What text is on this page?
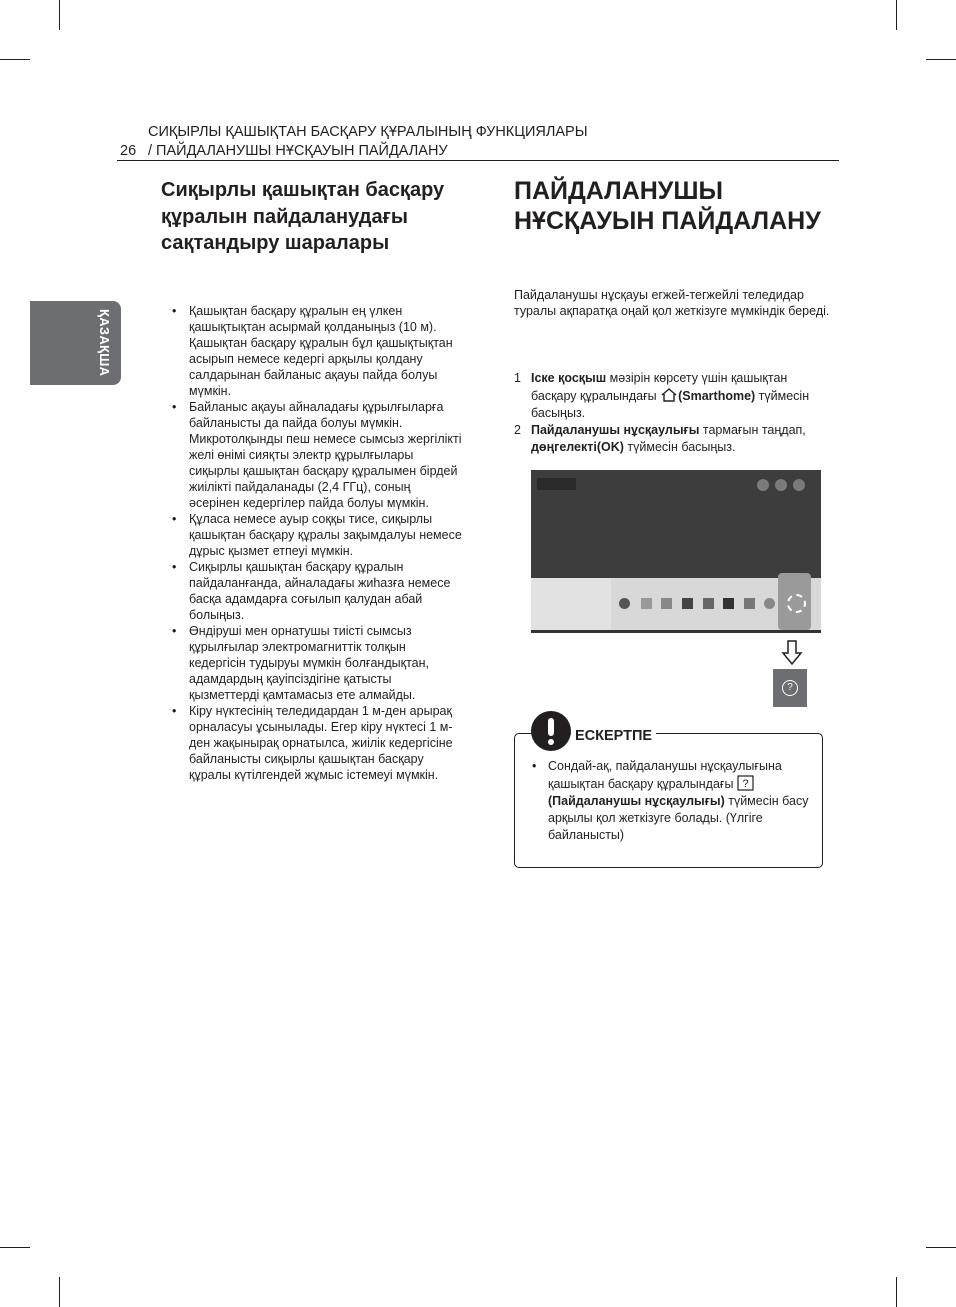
СИҚЫРЛЫ ҚАШЫҚТАН БАСҚАРУ ҚҰРАЛЫНЫҢ ФУНКЦИЯЛАРЫ
/ ПАЙДАЛАНУШЫ НҰСҚАУЫН ПАЙДАЛАНУ
26
ҚАЗАҚША
Сиқырлы қашықтан басқару құралын пайдаланудағы сақтандыру шаралары
• Қашықтан басқару құралын ең үлкен қашықтықтан асырмай қолданыңыз (10 м). Қашықтан басқару құралын бұл қашықтықтан асырып немесе кедергі арқылы қолдану салдарынан байланыс ақауы пайда болуы мүмкін.
• Байланыс ақауы айналадағы құрылғыларға байланысты да пайда болуы мүмкін. Микротолқынды пеш немесе сымсыз жергілікті желі өнімі сияқты электр құрылғылары сиқырлы қашықтан басқару құралымен бірдей жиілікті пайдаланады (2,4 ГГц), соның әсерінен кедергілер пайда болуы мүмкін.
• Құласа немесе ауыр соққы тисе, сиқырлы қашықтан басқару құралы зақымдалуы немесе дұрыс қызмет етпеуі мүмкін.
• Сиқырлы қашықтан басқару құралын пайдаланғанда, айналадағы жиһазға немесе басқа адамдарға соғылып қалудан абай болыңыз.
• Өндіруші мен орнатушы тиісті сымсыз құрылғылар электромагниттік толқын кедергісін тудыруы мүмкін болғандықтан, адамдардың қауіпсіздігіне қатысты қызметтерді қамтамасыз ете алмайды.
• Кіру нүктесінің теледидардан 1 м-ден арырақ орналасуы ұсынылады. Егер кіру нүктесі 1 м-ден жақынырақ орнатылса, жиілік кедергісіне байланысты сиқырлы қашықтан басқару құралы күтілгендей жұмыс істемеуі мүмкін.
ПАЙДАЛАНУШЫ НҰСҚАУЫН ПАЙДАЛАНУ

Пайдаланушы нұсқауы егжей-тегжейлі теледидар туралы ақпаратқа оңай қол жеткізуге мүмкіндік береді.

1 Іске қосқыш мәзірін көрсету үшін қашықтан басқару құралындағы (Smarthome) түймесін басыңыз.
2 Пайдаланушы нұсқаулығы тармағын таңдап, дөңгелекті(OK) түймесін басыңыз.
?
ЕСКЕРТПЕ
• Сондай-ақ, пайдаланушы нұсқаулығына қашықтан басқару құралындағы ?
(Пайдаланушы нұсқаулығы) түймесін басу арқылы қол жеткізуге болады. (Үлгіге байланысты)
